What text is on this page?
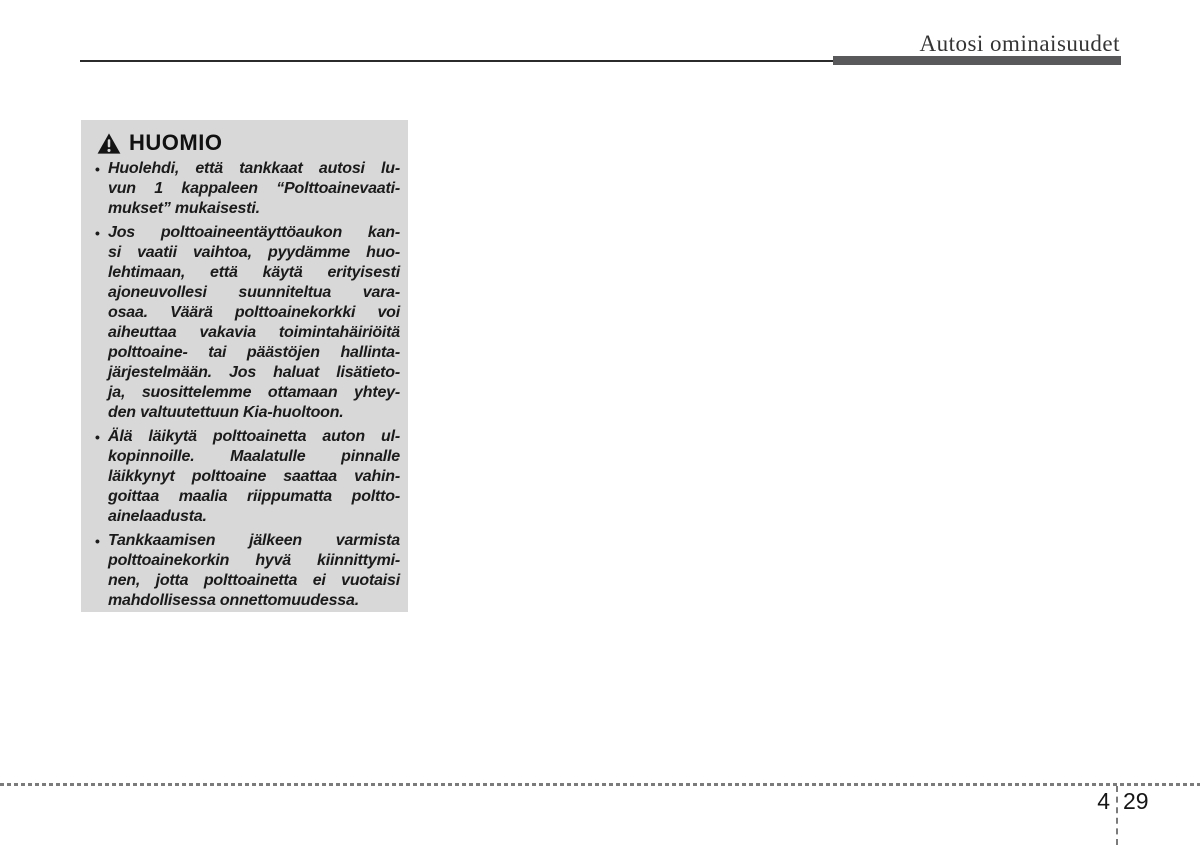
Autosi ominaisuudet
HUOMIO
• Huolehdi, että tankkaat autosi lu-
vun 1 kappaleen “Polttoainevaati-
mukset” mukaisesti.
• Jos polttoaineentäyttöaukon kan-
si vaatii vaihtoa, pyydämme huo-
lehtimaan, että käytä erityisesti
ajoneuvollesi suunniteltua vara-
osaa. Väärä polttoainekorkki voi
aiheuttaa vakavia toimintahäiriöitä
polttoaine- tai päästöjen hallinta-
järjestelmään. Jos haluat lisätieto-
ja, suosittelemme ottamaan yhtey-
den valtuutettuun Kia-huoltoon.
• Älä läikytä polttoainetta auton ul-
kopinnoille. Maalatulle pinnalle
läikkynyt polttoaine saattaa vahin-
goittaa maalia riippumatta poltto-
ainelaadusta.
• Tankkaamisen jälkeen varmista
polttoainekorkin hyvä kiinnittymi-
nen, jotta polttoainetta ei vuotaisi
mahdollisessa onnettomuudessa.
4 29
